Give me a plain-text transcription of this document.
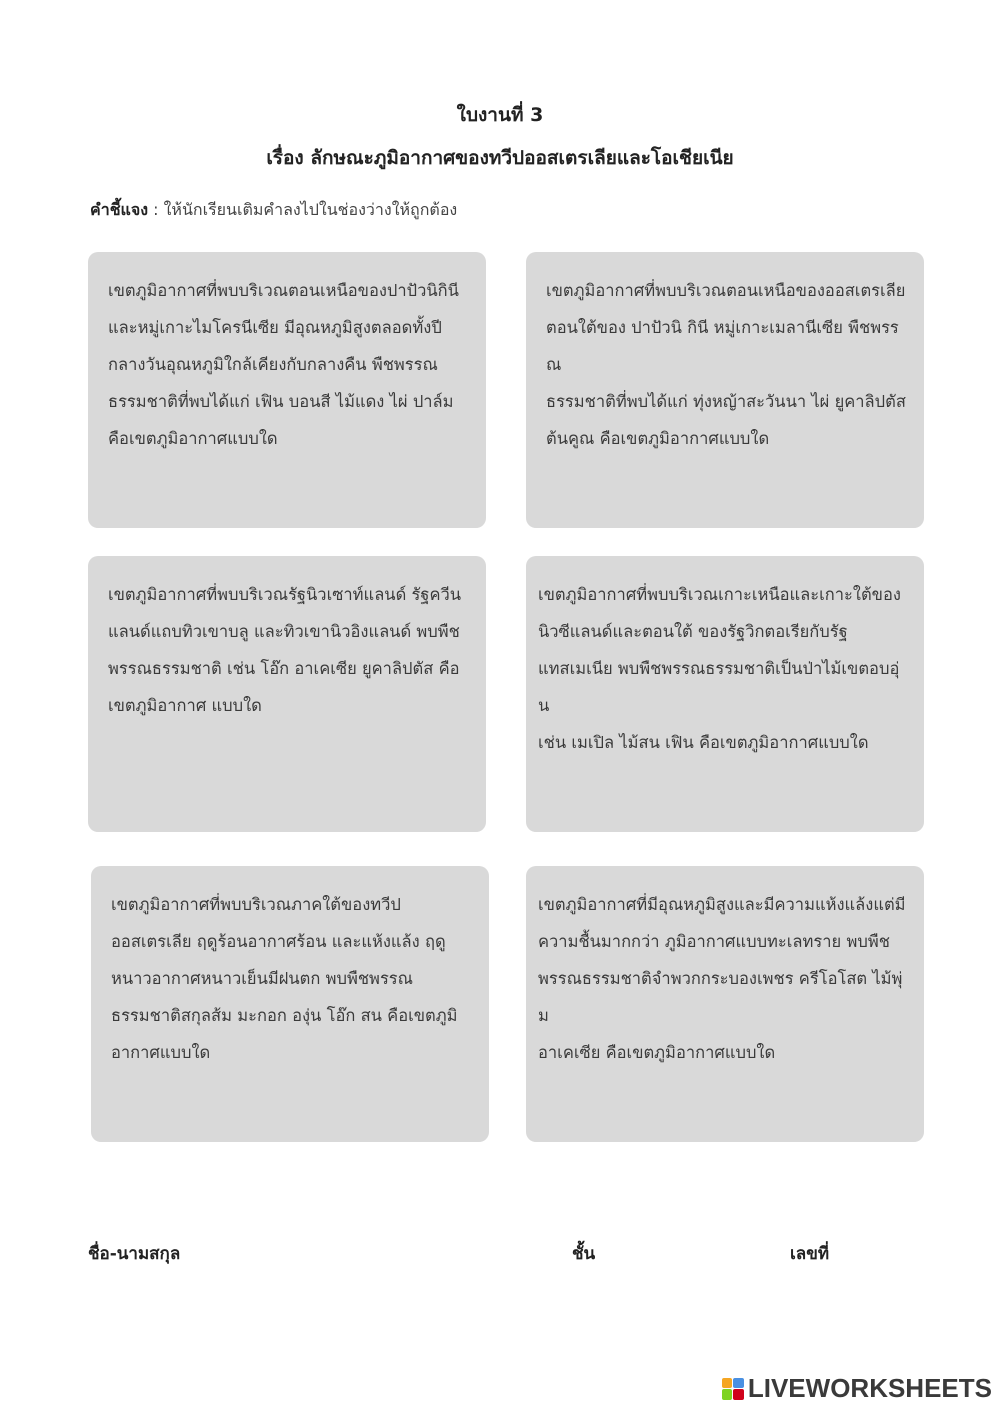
ใบงานที่ 3
เรื่อง ลักษณะภูมิอากาศของทวีปออสเตรเลียและโอเชียเนีย
คำชี้แจง : ให้นักเรียนเติมคำลงไปในช่องว่างให้ถูกต้อง

เขตภูมิอากาศที่พบบริเวณตอนเหนือของปาปัวนิกินี

และหมู่เกาะไมโครนีเซีย มีอุณหภูมิสูงตลอดทั้งปี

กลางวันอุณหภูมิใกล้เคียงกับกลางคืน พืชพรรณ

ธรรมชาติที่พบได้แก่ เฟิน บอนสี ไม้แดง ไผ่ ปาล์ม

คือเขตภูมิอากาศแบบใด

เขตภูมิอากาศที่พบบริเวณตอนเหนือของออสเตรเลีย

ตอนใต้ของ ปาปัวนิ กินี หมู่เกาะเมลานีเซีย พืชพรรณ

ธรรมชาติที่พบได้แก่ ทุ่งหญ้าสะวันนา ไผ่ ยูคาลิปตัส

ต้นคูณ คือเขตภูมิอากาศแบบใด

เขตภูมิอากาศที่พบบริเวณรัฐนิวเซาท์แลนด์ รัฐควีน

แลนด์แถบทิวเขาบลู และทิวเขานิวอิงแลนด์ พบพืช

พรรณธรรมชาติ เช่น โอ๊ก อาเคเซีย ยูคาลิปตัส คือ

เขตภูมิอากาศ แบบใด

เขตภูมิอากาศที่พบบริเวณเกาะเหนือและเกาะใต้ของ

นิวซีแลนด์และตอนใต้ ของรัฐวิกตอเรียกับรัฐ

แทสเมเนีย พบพืชพรรณธรรมชาติเป็นป่าไม้เขตอบอุ่น

เช่น เมเปิล ไม้สน เฟิน คือเขตภูมิอากาศแบบใด

เขตภูมิอากาศที่พบบริเวณภาคใต้ของทวีป

ออสเตรเลีย ฤดูร้อนอากาศร้อน และแห้งแล้ง ฤดู

หนาวอากาศหนาวเย็นมีฝนตก พบพืชพรรณ

ธรรมชาติสกุลส้ม มะกอก องุ่น โอ๊ก สน คือเขตภูมิ

อากาศแบบใด

เขตภูมิอากาศที่มีอุณหภูมิสูงและมีความแห้งแล้งแต่มี

ความชื้นมากกว่า ภูมิอากาศแบบทะเลทราย พบพืช

พรรณธรรมชาติจำพวกกระบองเพชร ครีโอโสต ไม้พุ่ม

อาเคเซีย คือเขตภูมิอากาศแบบใด

ชื่อ-นามสกุล	ชั้น	เลขที่
LIVEWORKSHEETS
